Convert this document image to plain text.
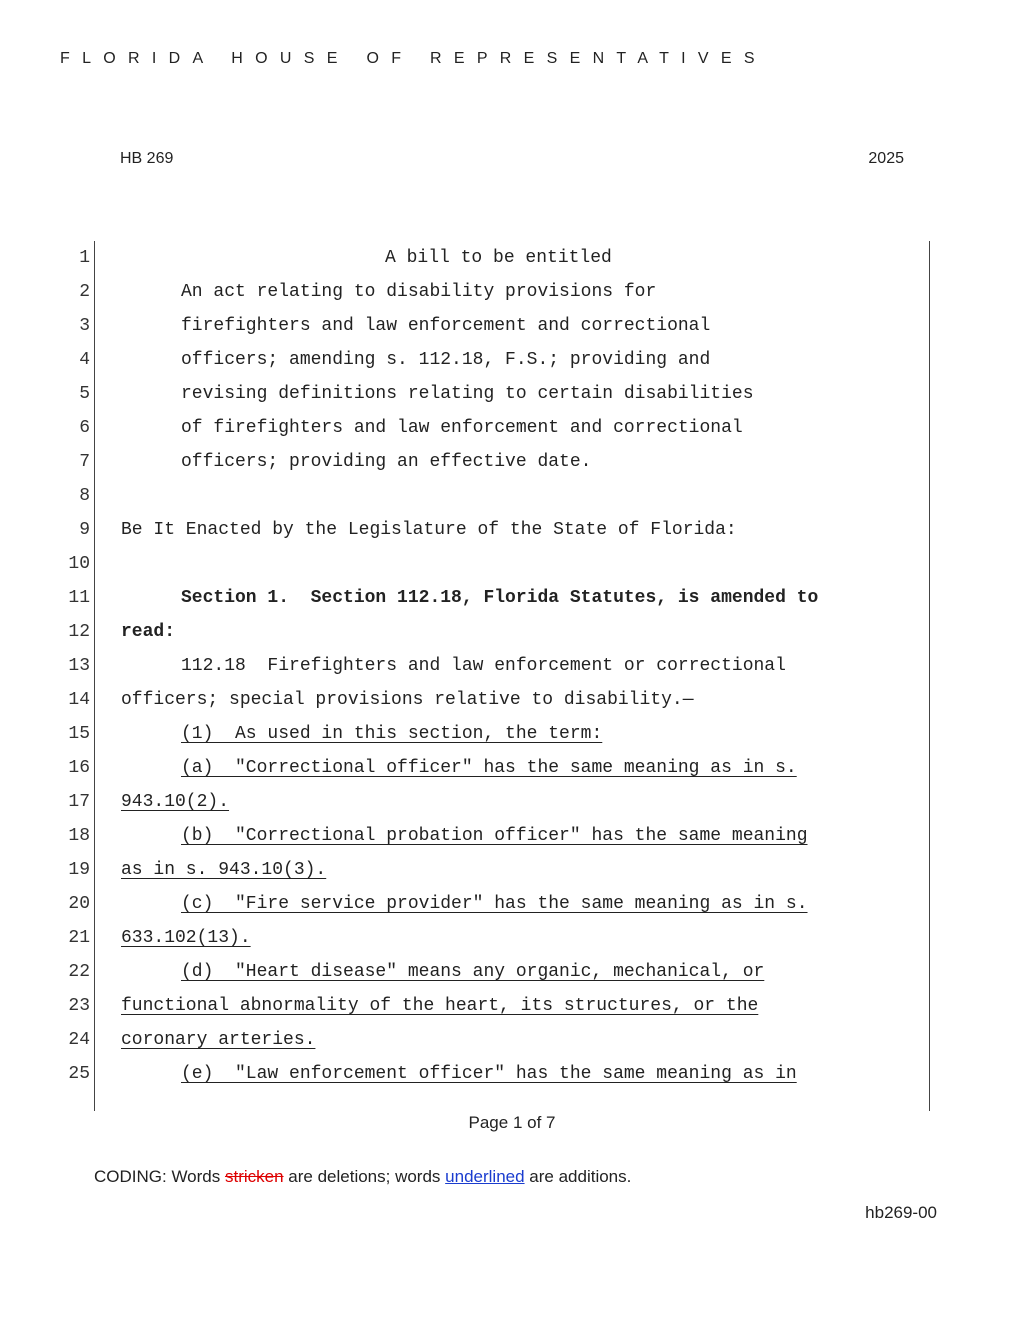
FLORIDA HOUSE OF REPRESENTATIVES
HB 269	2025
1	A bill to be entitled
2	An act relating to disability provisions for
3	firefighters and law enforcement and correctional
4	officers; amending s. 112.18, F.S.; providing and
5	revising definitions relating to certain disabilities
6	of firefighters and law enforcement and correctional
7	officers; providing an effective date.
8
9 Be It Enacted by the Legislature of the State of Florida:
10
11	Section 1.  Section 112.18, Florida Statutes, is amended to
12 read:
13	112.18  Firefighters and law enforcement or correctional
14 officers; special provisions relative to disability.—
15	(1)  As used in this section, the term:
16	(a)  "Correctional officer" has the same meaning as in s.
17 943.10(2).
18	(b)  "Correctional probation officer" has the same meaning
19 as in s. 943.10(3).
20	(c)  "Fire service provider" has the same meaning as in s.
21 633.102(13).
22	(d)  "Heart disease" means any organic, mechanical, or
23 functional abnormality of the heart, its structures, or the
24 coronary arteries.
25	(e)  "Law enforcement officer" has the same meaning as in
Page 1 of 7
CODING: Words stricken are deletions; words underlined are additions.
hb269-00
